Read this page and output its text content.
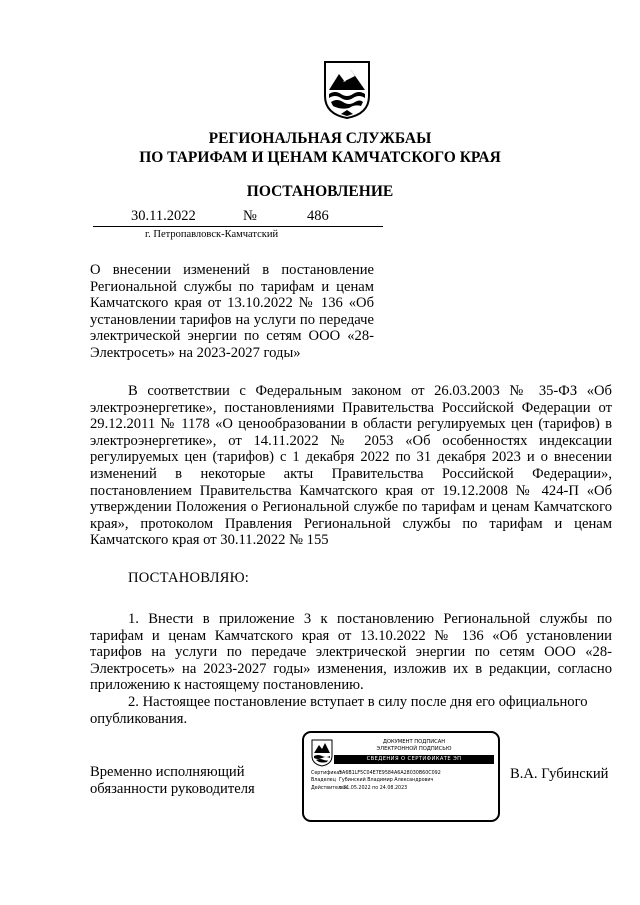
РЕГИОНАЛЬНАЯ СЛУЖБАЫ
ПО ТАРИФАМ И ЦЕНАМ КАМЧАТСКОГО КРАЯ
ПОСТАНОВЛЕНИЕ
30.11.2022	№	486
г. Петропавловск-Камчатский
О внесении изменений в постановление Региональной службы по тарифам и ценам Камчатского края от 13.10.2022 № 136 «Об установлении тарифов на услуги по передаче электрической энергии по сетям ООО «28-Электросеть» на 2023-2027 годы»
В соответствии с Федеральным законом от 26.03.2003 № 35-ФЗ «Об электроэнергетике», постановлениями Правительства Российской Федерации от 29.12.2011 № 1178 «О ценообразовании в области регулируемых цен (тарифов) в электроэнергетике», от 14.11.2022 № 2053 «Об особенностях индексации регулируемых цен (тарифов) с 1 декабря 2022 по 31 декабря 2023 и о внесении изменений в некоторые акты Правительства Российской Федерации», постановлением Правительства Камчатского края от 19.12.2008 № 424-П «Об утверждении Положения о Региональной службе по тарифам и ценам Камчатского края», протоколом Правления Региональной службы по тарифам и ценам Камчатского края от 30.11.2022 № 155
ПОСТАНОВЛЯЮ:
1. Внести в приложение 3 к постановлению Региональной службы по тарифам и ценам Камчатского края от 13.10.2022 № 136 «Об установлении тарифов на услуги по передаче электрической энергии по сетям ООО «28-Электросеть» на 2023-2027 годы» изменения, изложив их в редакции, согласно приложению к настоящему постановлению.
2. Настоящее постановление вступает в силу после дня его официального
опубликования.
Временно исполняющий
обязанности руководителя
ДОКУМЕНТ ПОДПИСАН
ЭЛЕКТРОННОЙ ПОДПИСЬЮ
СВЕДЕНИЯ О СЕРТИФИКАТЕ ЭП
Сертификат
5A6B1LF5C04E7E9584A6A28030B60C092
Владелец Губинский Владимир Александрович
Действителен
с 31.05.2022 по 24.08.2023
В.А. Губинский
